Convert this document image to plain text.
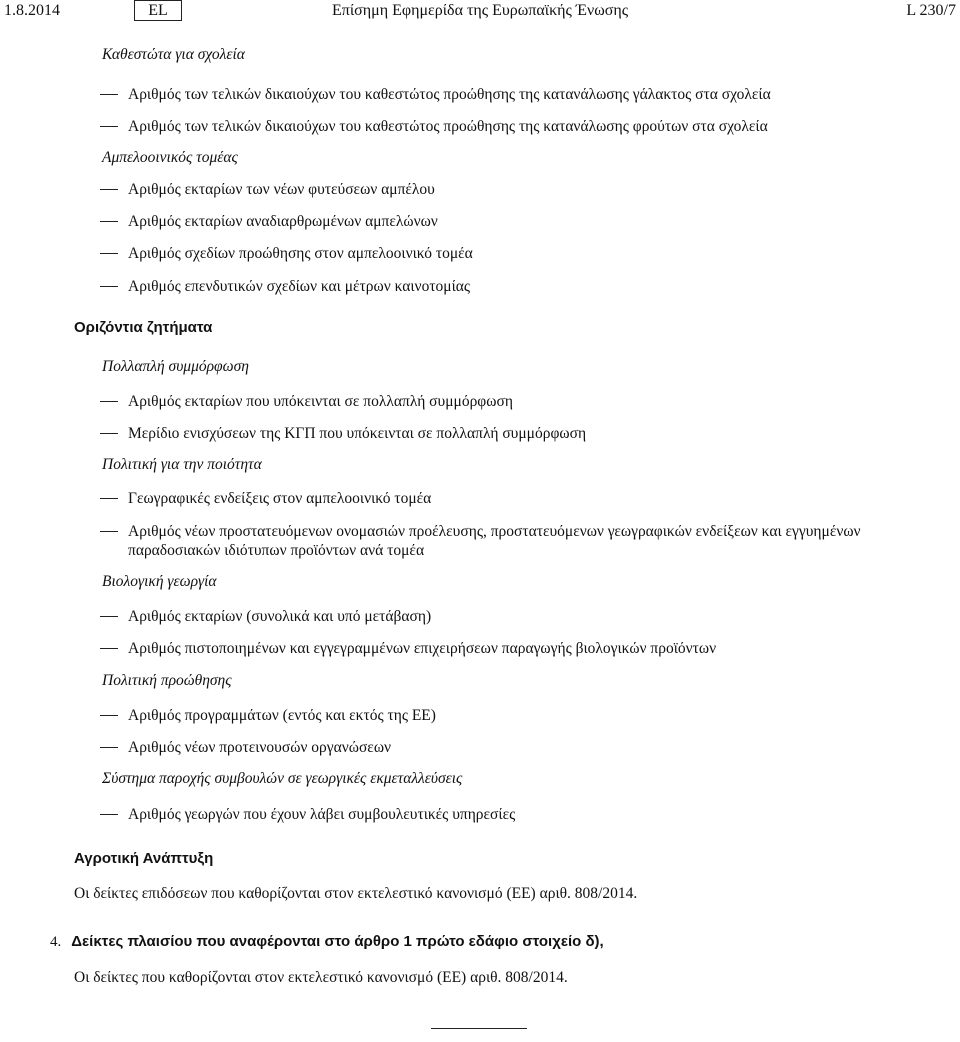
1.8.2014	EL	Επίσημη Εφημερίδα της Ευρωπαϊκής Ένωσης	L 230/7
Καθεστώτα για σχολεία
Αριθμός των τελικών δικαιούχων του καθεστώτος προώθησης της κατανάλωσης γάλακτος στα σχολεία
Αριθμός των τελικών δικαιούχων του καθεστώτος προώθησης της κατανάλωσης φρούτων στα σχολεία
Αμπελοοινικός τομέας
Αριθμός εκταρίων των νέων φυτεύσεων αμπέλου
Αριθμός εκταρίων αναδιαρθρωμένων αμπελώνων
Αριθμός σχεδίων προώθησης στον αμπελοοινικό τομέα
Αριθμός επενδυτικών σχεδίων και μέτρων καινοτομίας
Οριζόντια ζητήματα
Πολλαπλή συμμόρφωση
Αριθμός εκταρίων που υπόκεινται σε πολλαπλή συμμόρφωση
Μερίδιο ενισχύσεων της ΚΓΠ που υπόκεινται σε πολλαπλή συμμόρφωση
Πολιτική για την ποιότητα
Γεωγραφικές ενδείξεις στον αμπελοοινικό τομέα
Αριθμός νέων προστατευόμενων ονομασιών προέλευσης, προστατευόμενων γεωγραφικών ενδείξεων και εγγυημένων
παραδοσιακών ιδιότυπων προϊόντων ανά τομέα
Βιολογική γεωργία
Αριθμός εκταρίων (συνολικά και υπό μετάβαση)
Αριθμός πιστοποιημένων και εγγεγραμμένων επιχειρήσεων παραγωγής βιολογικών προϊόντων
Πολιτική προώθησης
Αριθμός προγραμμάτων (εντός και εκτός της ΕΕ)
Αριθμός νέων προτεινουσών οργανώσεων
Σύστημα παροχής συμβουλών σε γεωργικές εκμεταλλεύσεις
Αριθμός γεωργών που έχουν λάβει συμβουλευτικές υπηρεσίες
Αγροτική Ανάπτυξη
Οι δείκτες επιδόσεων που καθορίζονται στον εκτελεστικό κανονισμό (ΕΕ) αριθ. 808/2014.
4. Δείκτες πλαισίου που αναφέρονται στο άρθρο 1 πρώτο εδάφιο στοιχείο δ),
Οι δείκτες που καθορίζονται στον εκτελεστικό κανονισμό (ΕΕ) αριθ. 808/2014.
